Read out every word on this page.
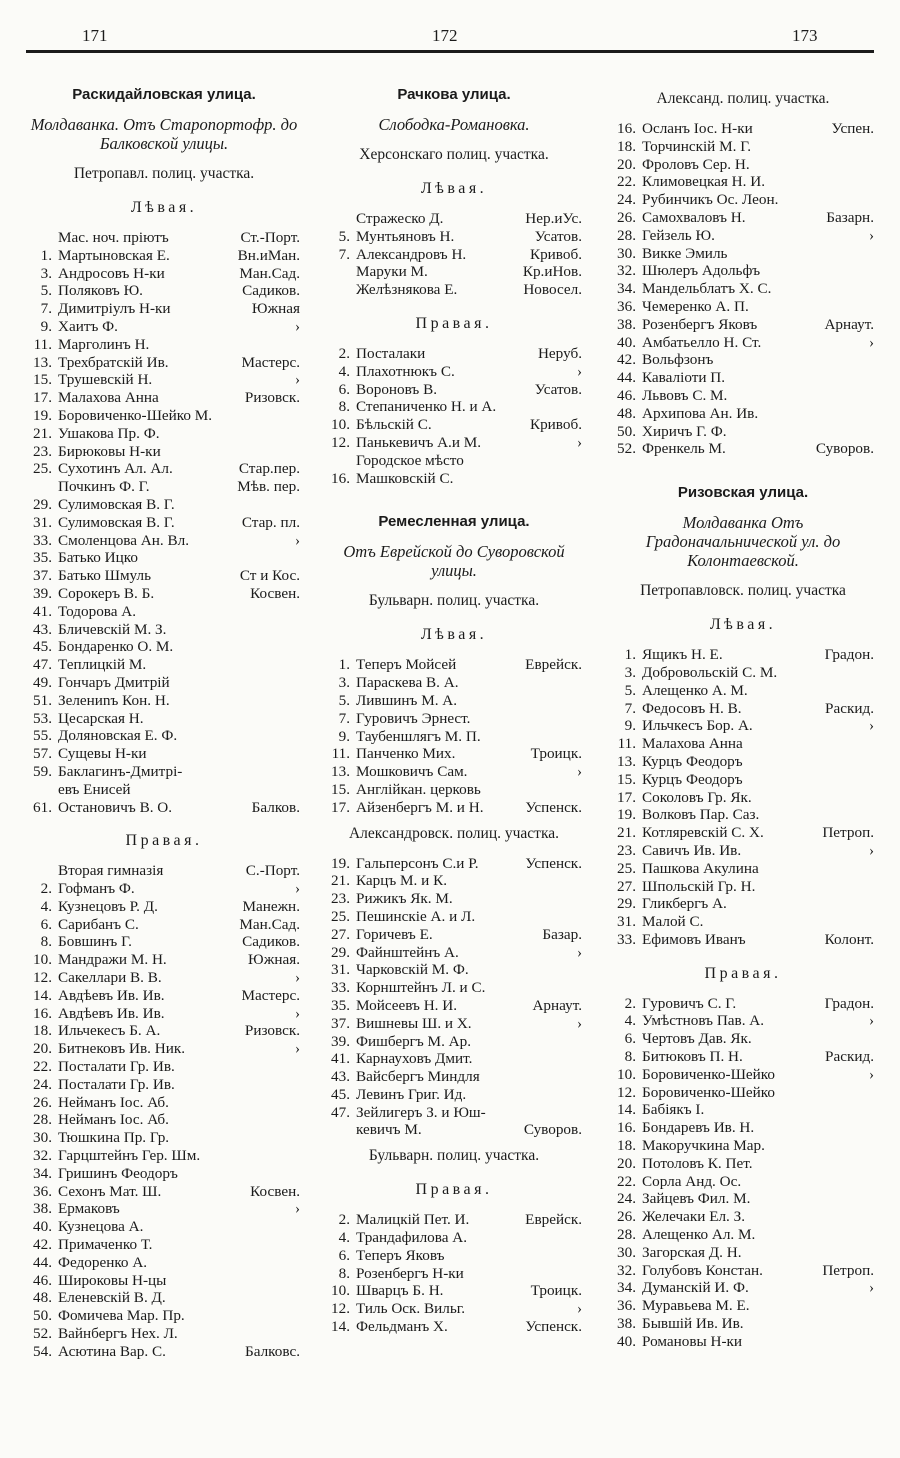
171	172	173
Раскидайловская улица.
Молдаванка. Отъ Старопортофр. до Балковской улицы.
Петропавл. полиц. участка.
Лѣвая.
Мас. ноч. пріютъ	Ст.-Порт.
1. Мартыновская Е.	Вн.иМан.
3. Андросовъ Н-ки	Ман.Сад.
5. Поляковъ Ю.	Садиков.
7. Димитріулъ Н-ки	Южная
9. Хаитъ Ф.	›
11. Марголинъ Н.
13. Трехбратскій Ив.	Мастерс.
15. Трушевскій Н.	›
17. Малахова Анна	Ризовск.
19. Боровиченко-Шейко М.
21. Ушакова Пр. Ф.
23. Бирюковы Н-ки
25. Сухотинъ Ал. Ал.	Стар.пер.
Почкинъ Ф. Г.	Мѣв. пер.
29. Сулимовская В. Г.
31. Сулимовская В. Г.	Стар. пл.
33. Смоленцова Ан. Вл.	›
35. Батько Ицко
37. Батько Шмуль	Ст и Кос.
39. Сорокеръ В. Б.	Косвен.
41. Тодорова А.
43. Бличевскій М. З.
45. Бондаренко О. М.
47. Теплицкій М.
49. Гончаръ Дмитрій
51. Зелениnъ Кон. Н.
53. Цесарская Н.
55. Доляновская Е. Ф.
57. Сущевы Н-ки
59. Баклагинъ-Дмитрі-
евъ Енисей
61. Остановичъ В. О.	Балков.
Правая.
Вторая гимназія	С.-Порт.
2. Гофманъ Ф.	›
4. Кузнецовъ Р. Д.	Манежн.
6. Сарибанъ С.	Ман.Сад.
8. Бовшинъ Г.	Садиков.
10. Мандражи М. Н.	Южная.
12. Сакеллари В. В.	›
14. Авдѣевъ Ив. Ив.	Мастерс.
16. Авдѣевъ Ив. Ив.	›
18. Ильчекесъ Б. А.	Ризовск.
20. Битнековъ Ив. Ник.	›
22. Посталати Гр. Ив.
24. Посталати Гр. Ив.
26. Нейманъ Іос. Аб.
28. Нейманъ Іос. Аб.
30. Тюшкина Пр. Гр.
32. Гарцштейнъ Гер. Шм.
34. Гришинъ Феодоръ
36. Сехонъ Мат. Ш.	Косвен.
38. Ермаковъ	›
40. Кузнецова А.
42. Примаченко Т.
44. Федоренко А.
46. Широковы Н-цы
48. Еленевскій В. Д.
50. Фомичева Мар. Пр.
52. Вайнбергъ Нех. Л.
54. Асютина Вар. С.	Балковс.
Рачкова улица.
Слободка-Романовка.
Херсонскаго полиц. участка.
Лѣвая.
Стражеско Д.	Нер.иУс.
5. Мунтьяновъ Н.	Усатов.
7. Александровъ Н.	Кривоб.
Маруки М.	Кр.иНов.
Желѣзнякова Е.	Новосел.
Правая.
2. Посталаки	Неруб.
4. Плахотнюкъ С.	›
6. Вороновъ В.	Усатов.
8. Степаниченко Н. и А.
10. Бѣльскій С.	Кривоб.
12. Панькевичъ А.и М.	›
Городское мѣсто
16. Машковскій С.
Ремесленная улица.
Отъ Еврейской до Суворовской улицы.
Бульварн. полиц. участка.
Лѣвая.
1. Теперъ Мойсей	Еврейск.
3. Параскева В. А.
5. Лившинъ М. А.
7. Гуровичъ Эрнест.
9. Таубеншлягъ М. П.
11. Панченко Мих.	Троицк.
13. Мошковичъ Сам.	›
15. Англійкан. церковь
17. Айзенбергъ М. и Н.	Успенск.
Александровск. полиц. участка.
19. Гальперсонъ С.и Р.	Успенск.
21. Карцъ М. и К.
23. Рижикъ Як. М.
25. Пешинскіе А. и Л.
27. Горичевъ Е.	Базар.
29. Файнштейнъ А.	›
31. Чарковскій М. Ф.
33. Корнштейнъ Л. и С.
35. Мойсеевъ Н. И.	Арнаут.
37. Вишневы Ш. и Х.	›
39. Фишбергъ М. Ар.
41. Карнауховъ Дмит.
43. Вайсбергъ Миндля
45. Левинъ Григ. Ид.
47. Зейлигеръ З. и Юш-
кевичъ М.	Суворов.
Бульварн. полиц. участка.
Правая.
2. Малицкій Пет. И.	Еврейск.
4. Трандафилова А.
6. Теперъ Яковъ
8. Розенбергъ Н-ки
10. Шварцъ Б. Н.	Троицк.
12. Тиль Оск. Вильг.	›
14. Фельдманъ Х.	Успенск.
Александ. полиц. участка.
16. Осланъ Іос. Н-ки	Успен.
18. Торчинскій М. Г.
20. Фроловъ Сер. Н.
22. Климовецкая Н. И.
24. Рубинчикъ Ос. Леон.
26. Самохваловъ Н.	Базарн.
28. Гейзель Ю.	›
30. Викке Эмиль
32. Шюлеръ Адольфъ
34. Мандельблатъ Х. С.
36. Чемеренко А. П.
38. Розенбергъ Яковъ	Арнаут.
40. Амбатьелло Н. Ст.	›
42. Вольфзонъ
44. Каваліоти П.
46. Львовъ С. М.
48. Архипова Ан. Ив.
50. Хиричъ Г. Ф.
52. Френкель М.	Суворов.
Ризовская улица.
Молдаванка Отъ Градоначальнической ул. до Колонтаевской.
Петропавловск. полиц. участка
Лѣвая.
1. Ящикъ Н. Е.	Градон.
3. Добровольскій С. М.
5. Алещенко А. М.
7. Федосовъ Н. В.	Раскид.
9. Ильчкесъ Бор. А.	›
11. Малахова Анна
13. Курцъ Феодоръ
15. Курцъ Феодоръ
17. Соколовъ Гр. Як.
19. Волковъ Пар. Саз.
21. Котляревскій С. Х.	Петроп.
23. Савичъ Ив. Ив.	›
25. Пашкова Акулина
27. Шпольскій Гр. Н.
29. Гликбергъ А.
31. Малой С.
33. Ефимовъ Иванъ	Колонт.
Правая.
2. Гуровичъ С. Г.	Градон.
4. Умѣстновъ Пав. А.	›
6. Чертовъ Дав. Як.
8. Битюковъ П. Н.	Раскид.
10. Боровиченко-Шейко	›
12. Боровиченко-Шейко
14. Бабіякъ І.
16. Бондаревъ Ив. Н.
18. Макоручкина Мар.
20. Потоловъ К. Пет.
22. Сорла Анд. Ос.
24. Зайцевъ Фил. М.
26. Желечаки Ел. З.
28. Алещенко Ал. М.
30. Загорская Д. Н.
32. Голубовъ Констан.	Петроп.
34. Думанскій И. Ф.	›
36. Муравьева М. Е.
38. Бывшій Ив. Ив.
40. Романовы Н-ки
